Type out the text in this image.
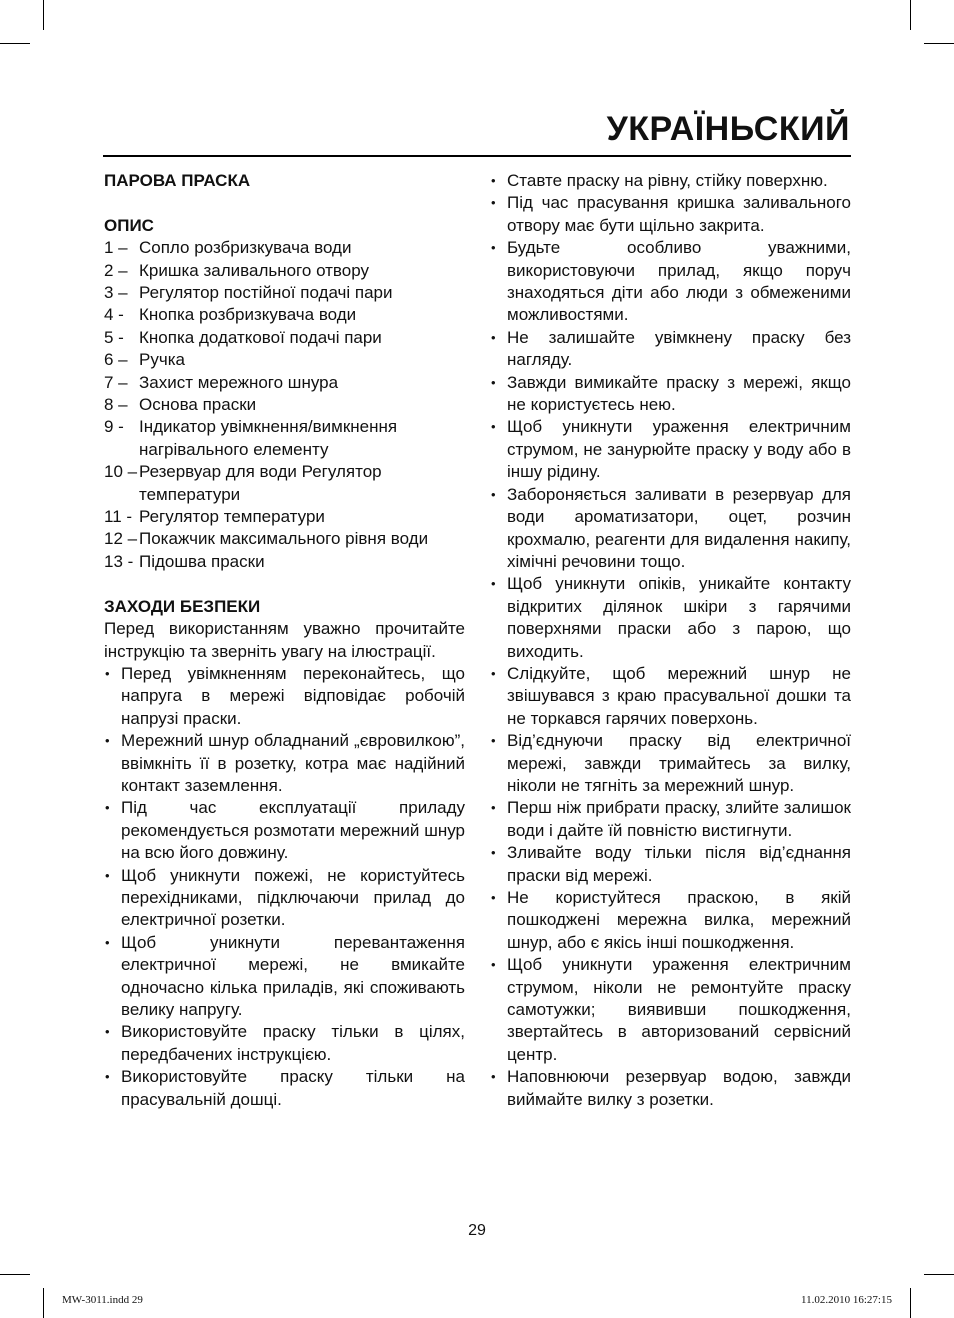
УКРАЇНЬСКИЙ

ПАРОВА ПРАСКА

ОПИС

1 – Сопло розбризкувача води
2 – Кришка заливального отвору
3 – Регулятор постійної подачі пари
4 - Кнопка розбризкувача води
5 - Кнопка додаткової подачі пари
6 – Ручка
7 – Захист мережного шнура
8 – Основа праски
9 - Індикатор увімкнення/вимкнення нагрівального елементу
10 – Резервуар для води Регулятор температури
11 - Регулятор температури
12 – Покажчик максимального рівня води
13 - Підошва праски

ЗАХОДИ БЕЗПЕКИ

Перед використанням уважно прочитайте інструкцію та зверніть увагу на ілюстрації.

• Перед увімкненням переконайтесь, що напруга в мережі відповідає робочій напрузі праски.
• Мережний шнур обладнаний „євровилкою”, ввімкніть її в розетку, котра має надійний контакт заземлення.
• Під час експлуатації приладу рекомендується розмотати мережний шнур на всю його довжину.
• Щоб уникнути пожежі, не користуйтесь перехідниками, підключаючи прилад до електричної розетки.
• Щоб уникнути перевантаження електричної мережі, не вмикайте одночасно кілька приладів, які споживають велику напругу.
• Використовуйте праску тільки в цілях, передбачених інструкцією.
• Використовуйте праску тільки на прасувальній дошці.
• Ставте праску на рівну, стійку поверхню.
• Під час прасування кришка заливального отвору має бути щільно закрита.
• Будьте особливо уважними, використовуючи прилад, якщо поруч знаходяться діти або люди з обмеженими можливостями.
• Не залишайте увімкнену праску без нагляду.
• Завжди вимикайте праску з мережі, якщо не користуєтесь нею.
• Щоб уникнути ураження електричним струмом, не занурюйте праску у воду або в іншу рідину.
• Забороняється заливати в резервуар для води ароматизатори, оцет, розчин крохмалю, реагенти для видалення накипу, хімічні речовини тощо.
• Щоб уникнути опіків, уникайте контакту відкритих ділянок шкіри з гарячими поверхнями праски або з парою, що виходить.
• Слідкуйте, щоб мережний шнур не звішувався з краю прасувальної дошки та не торкався гарячих поверхонь.
• Від’єднуючи праску від електричної мережі, завжди тримайтесь за вилку, ніколи не тягніть за мережний шнур.
• Перш ніж прибрати праску, злийте залишок води і дайте їй повністю вистигнути.
• Зливайте воду тільки після від’єднання праски від мережі.
• Не користуйтеся праскою, в якій пошкоджені мережна вилка, мережний шнур, або є якісь інші пошкодження.
• Щоб уникнути ураження електричним струмом, ніколи не ремонтуйте праску самотужки; виявивши пошкодження, звертайтесь в авторизований сервісний центр.
• Наповнюючи резервуар водою, завжди виймайте вилку з розетки.
29
MW-3011.indd 29	11.02.2010 16:27:15
